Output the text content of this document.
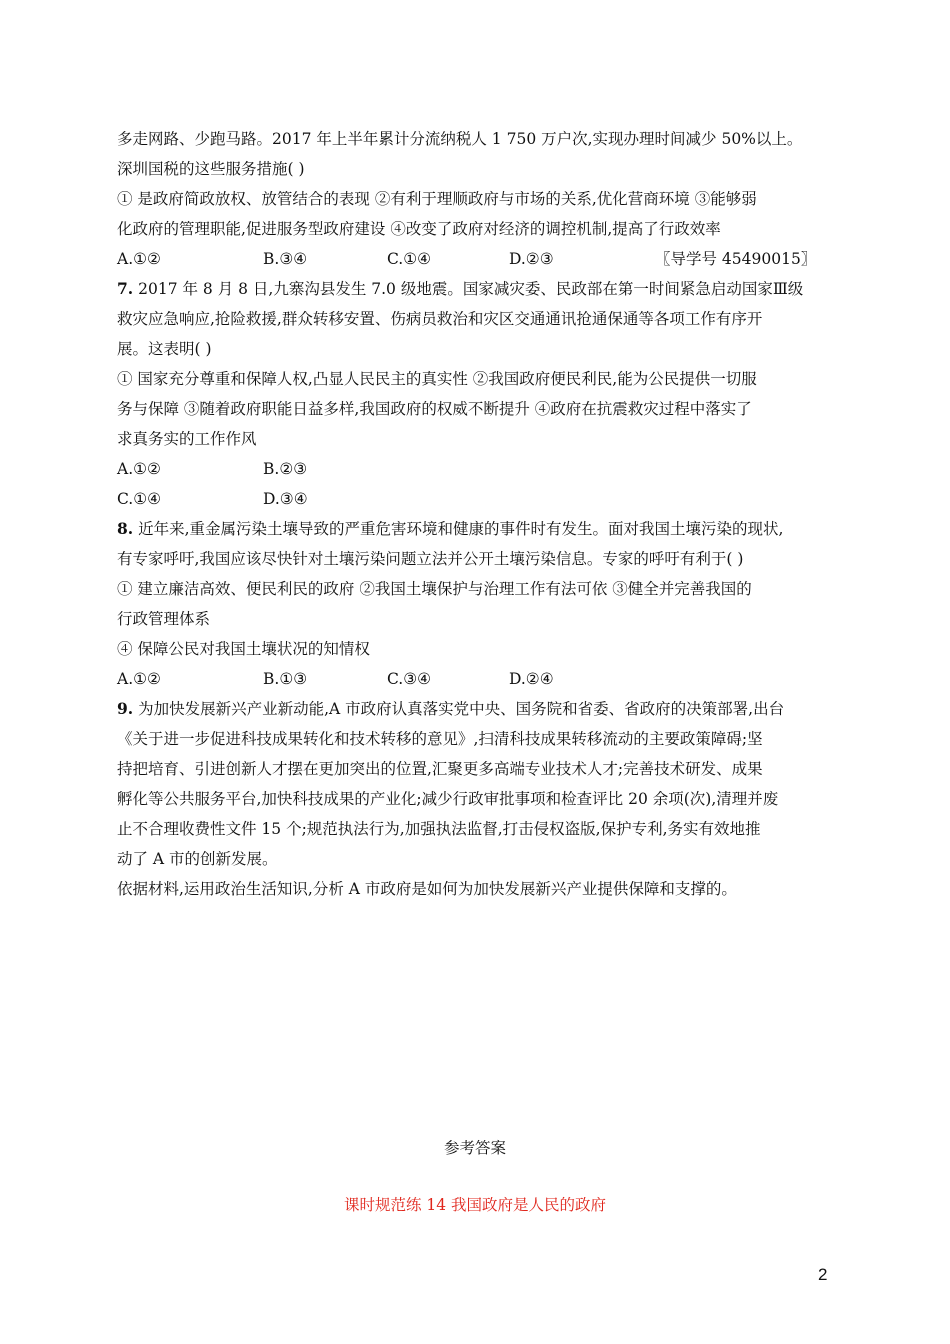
多走网路、少跑马路。2017 年上半年累计分流纳税人 1 750 万户次,实现办理时间减少 50%以上。
深圳国税的这些服务措施( )
① 是政府简政放权、放管结合的表现 ②有利于理顺政府与市场的关系,优化营商环境 ③能够弱
化政府的管理职能,促进服务型政府建设 ④改变了政府对经济的调控机制,提高了行政效率
A.①②	B.③④	C.①④	D.②③	〖导学号 45490015〗
7. 2017 年 8 月 8 日,九寨沟县发生 7.0 级地震。国家减灾委、民政部在第一时间紧急启动国家Ⅲ级
救灾应急响应,抢险救援,群众转移安置、伤病员救治和灾区交通通讯抢通保通等各项工作有序开
展。这表明( )
① 国家充分尊重和保障人权,凸显人民民主的真实性 ②我国政府便民利民,能为公民提供一切服
务与保障 ③随着政府职能日益多样,我国政府的权威不断提升 ④政府在抗震救灾过程中落实了
求真务实的工作作风
A.①②	B.②③
C.①④	D.③④
8. 近年来,重金属污染土壤导致的严重危害环境和健康的事件时有发生。面对我国土壤污染的现状,
有专家呼吁,我国应该尽快针对土壤污染问题立法并公开土壤污染信息。专家的呼吁有利于( )
① 建立廉洁高效、便民利民的政府 ②我国土壤保护与治理工作有法可依 ③健全并完善我国的
行政管理体系
④ 保障公民对我国土壤状况的知情权
A.①②	B.①③	C.③④	D.②④
9. 为加快发展新兴产业新动能,A 市政府认真落实党中央、国务院和省委、省政府的决策部署,出台
《关于进一步促进科技成果转化和技术转移的意见》,扫清科技成果转移流动的主要政策障碍;坚
持把培育、引进创新人才摆在更加突出的位置,汇聚更多高端专业技术人才;完善技术研发、成果
孵化等公共服务平台,加快科技成果的产业化;减少行政审批事项和检查评比 20 余项(次),清理并废
止不合理收费性文件 15 个;规范执法行为,加强执法监督,打击侵权盗版,保护专利,务实有效地推
动了 A 市的创新发展。
依据材料,运用政治生活知识,分析 A 市政府是如何为加快发展新兴产业提供保障和支撑的。
参考答案
课时规范练 14 我国政府是人民的政府
2
